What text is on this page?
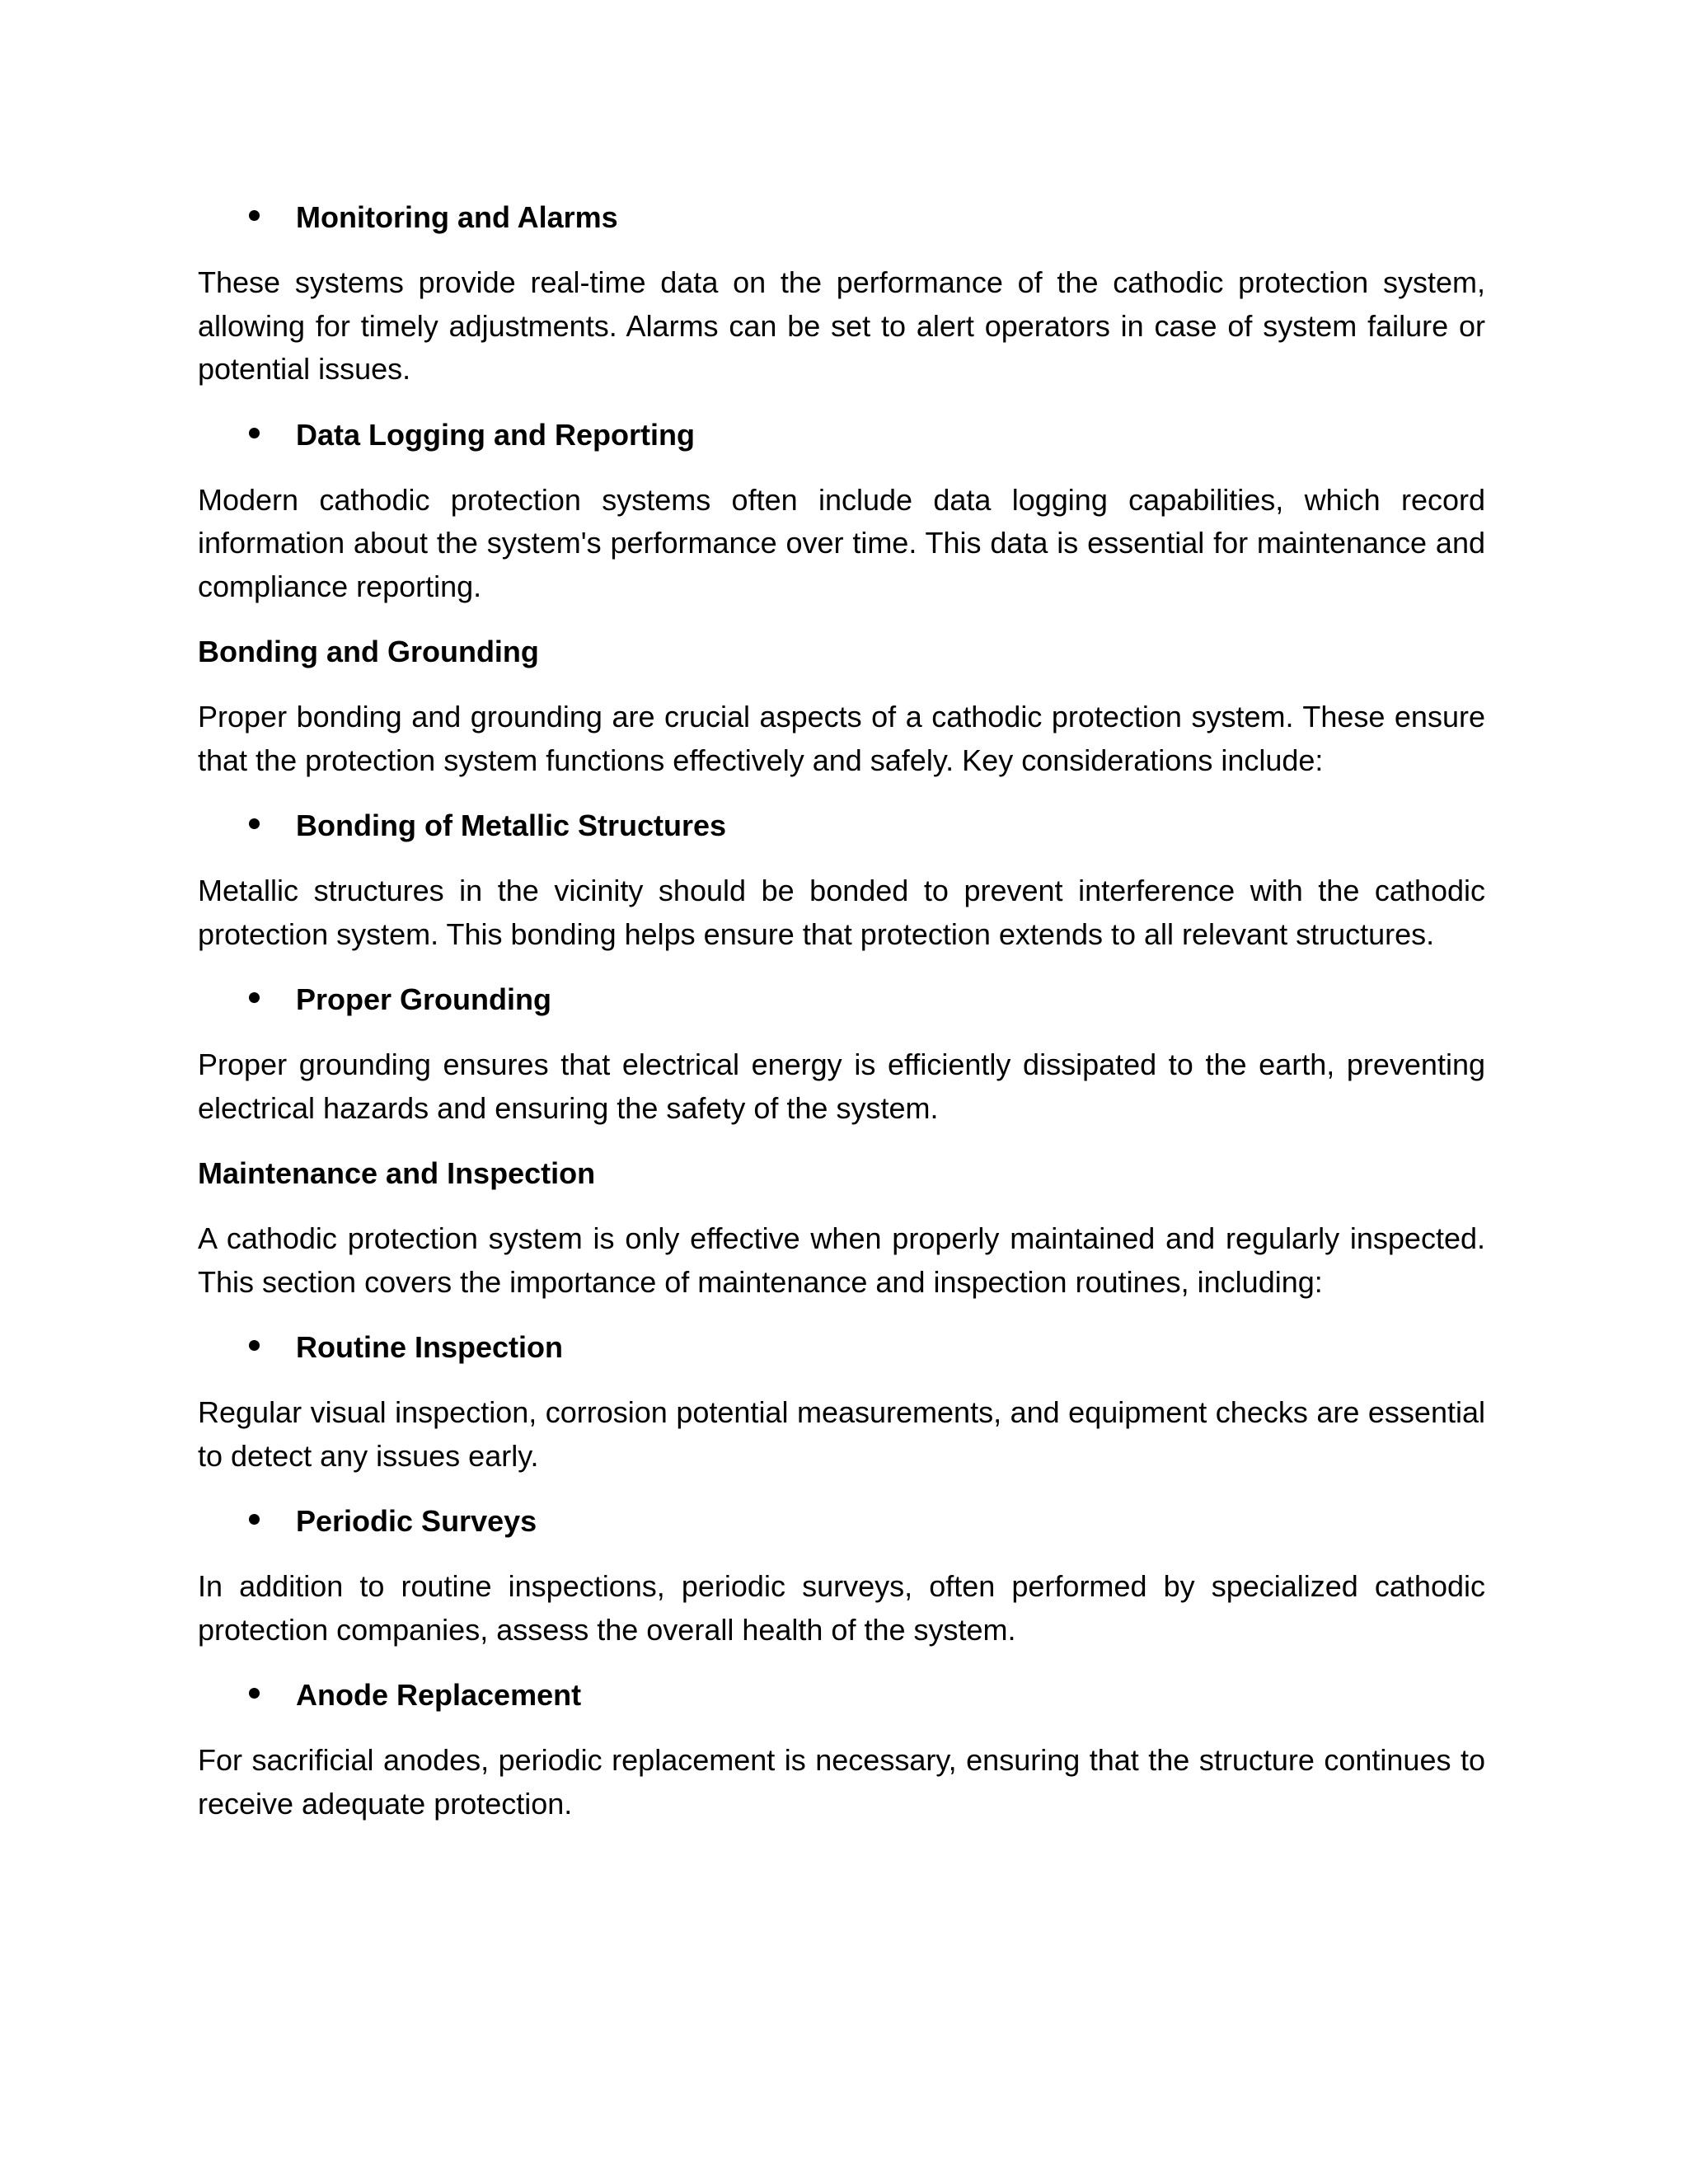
Monitoring and Alarms

These systems provide real-time data on the performance of the cathodic protection system, allowing for timely adjustments. Alarms can be set to alert operators in case of system failure or potential issues.

Data Logging and Reporting

Modern cathodic protection systems often include data logging capabilities, which record information about the system's performance over time. This data is essential for maintenance and compliance reporting.

Bonding and Grounding

Proper bonding and grounding are crucial aspects of a cathodic protection system. These ensure that the protection system functions effectively and safely. Key considerations include:

Bonding of Metallic Structures

Metallic structures in the vicinity should be bonded to prevent interference with the cathodic protection system. This bonding helps ensure that protection extends to all relevant structures.

Proper Grounding

Proper grounding ensures that electrical energy is efficiently dissipated to the earth, preventing electrical hazards and ensuring the safety of the system.

Maintenance and Inspection

A cathodic protection system is only effective when properly maintained and regularly inspected. This section covers the importance of maintenance and inspection routines, including:

Routine Inspection

Regular visual inspection, corrosion potential measurements, and equipment checks are essential to detect any issues early.

Periodic Surveys

In addition to routine inspections, periodic surveys, often performed by specialized cathodic protection companies, assess the overall health of the system.

Anode Replacement

For sacrificial anodes, periodic replacement is necessary, ensuring that the structure continues to receive adequate protection.
